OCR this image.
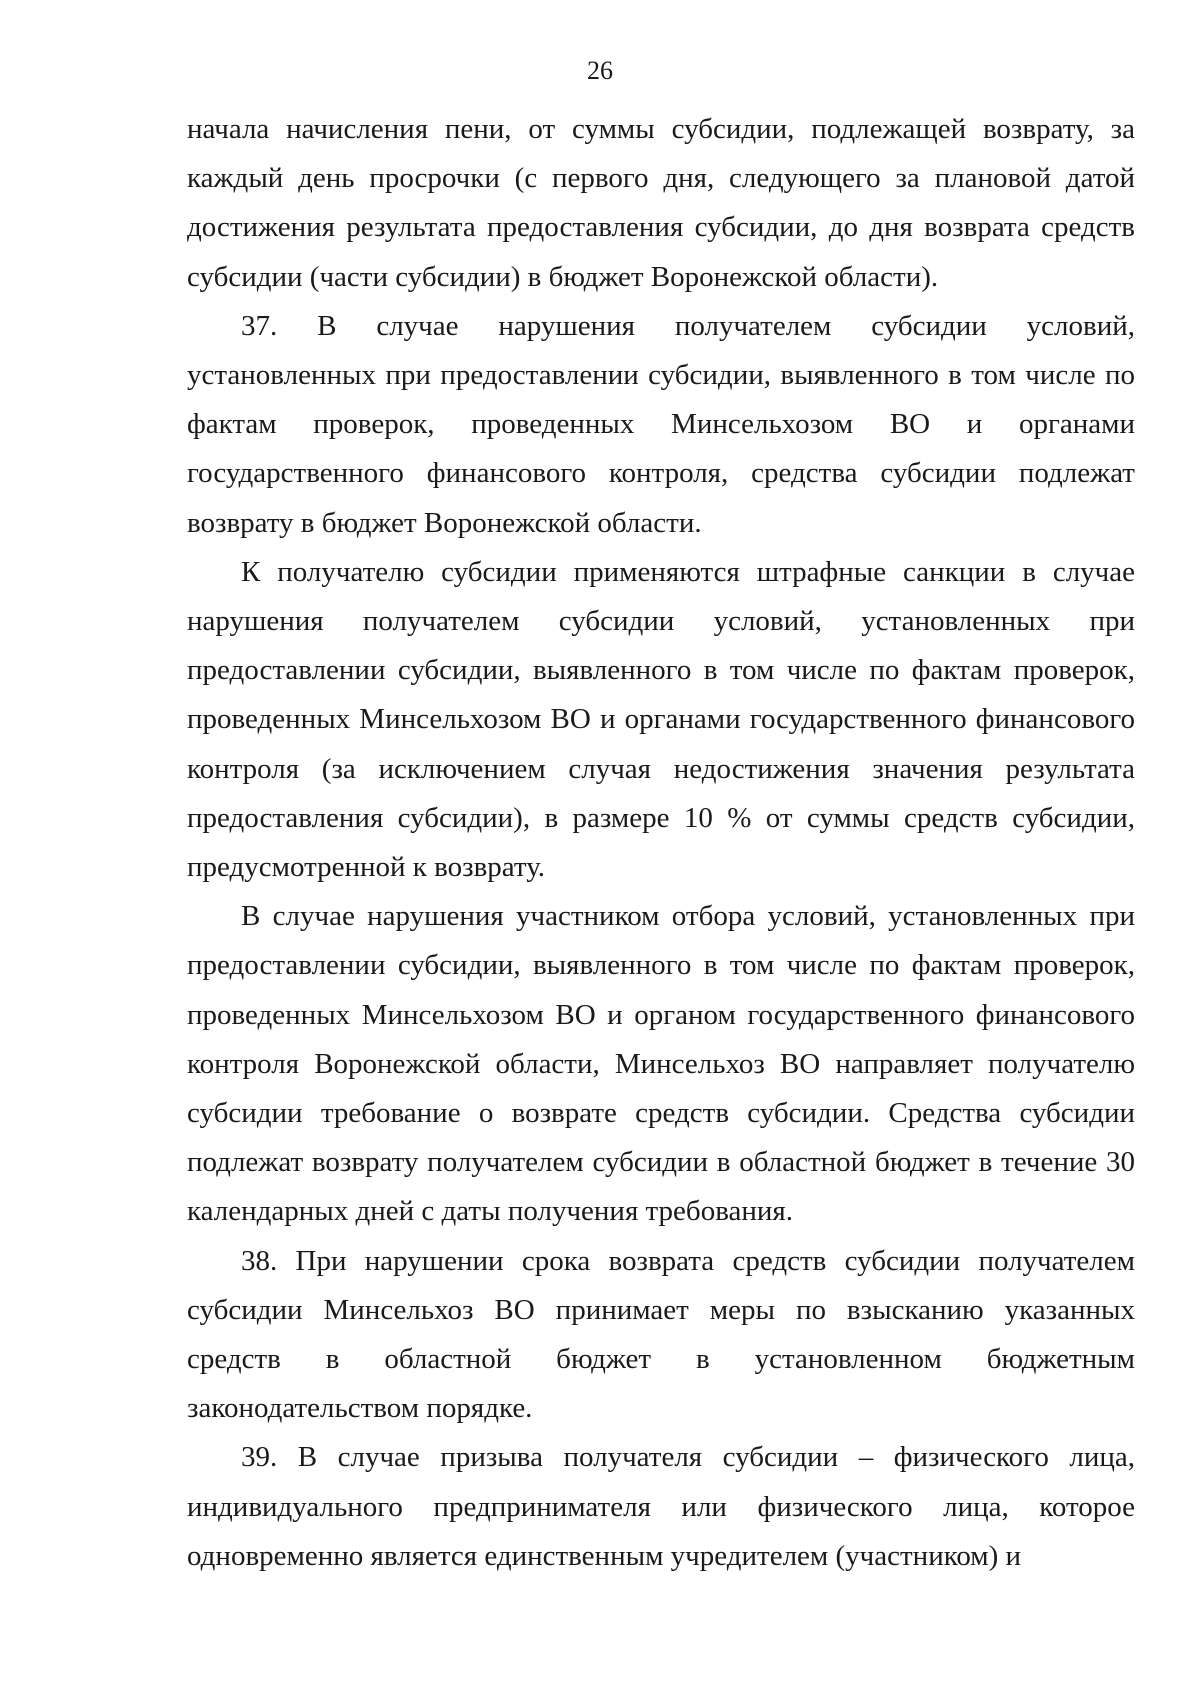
26

начала начисления пени, от суммы субсидии, подлежащей возврату, за каждый день просрочки (с первого дня, следующего за плановой датой достижения результата предоставления субсидии, до дня возврата средств субсидии (части субсидии) в бюджет Воронежской области).

37. В случае нарушения получателем субсидии условий, установленных при предоставлении субсидии, выявленного в том числе по фактам проверок, проведенных Минсельхозом ВО и органами государственного финансового контроля, средства субсидии подлежат возврату в бюджет Воронежской области.

К получателю субсидии применяются штрафные санкции в случае нарушения получателем субсидии условий, установленных при предоставлении субсидии, выявленного в том числе по фактам проверок, проведенных Минсельхозом ВО и органами государственного финансового контроля (за исключением случая недостижения значения результата предоставления субсидии), в размере 10 % от суммы средств субсидии, предусмотренной к возврату.

В случае нарушения участником отбора условий, установленных при предоставлении субсидии, выявленного в том числе по фактам проверок, проведенных Минсельхозом ВО и органом государственного финансового контроля Воронежской области, Минсельхоз ВО направляет получателю субсидии требование о возврате средств субсидии. Средства субсидии подлежат возврату получателем субсидии в областной бюджет в течение 30 календарных дней с даты получения требования.

38. При нарушении срока возврата средств субсидии получателем субсидии Минсельхоз ВО принимает меры по взысканию указанных средств в областной бюджет в установленном бюджетным законодательством порядке.

39. В случае призыва получателя субсидии – физического лица, индивидуального предпринимателя или физического лица, которое одновременно является единственным учредителем (участником) и
